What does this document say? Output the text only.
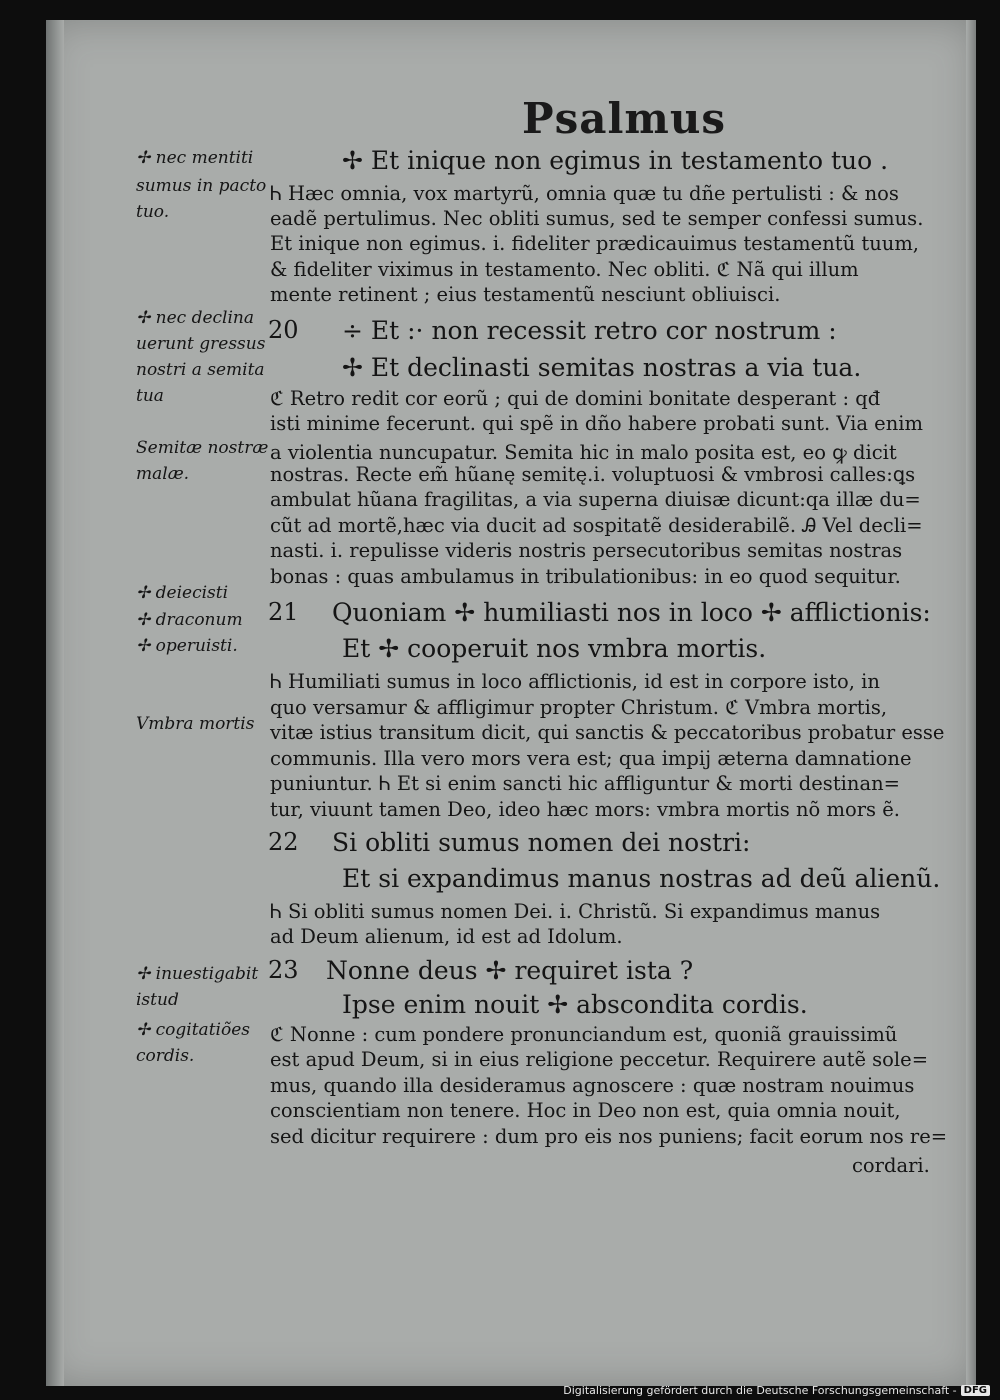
Psalmus
✢ nec mentiti
sumus in pacto
tuo.
✢ nec declina
uerunt gressus
nostri a semita
tua
Semitæ nostræ
malæ.
✢ deiecisti
✢ draconum
✢ operuisti.
Vmbra mortis
✢ inuestigabit
istud
✢ cogitatiões
cordis.
20
21
22
23
✢ Et inique non egimus in testamento tuo .
Ꮒ Hæc omnia, vox martyrũ, omnia quæ tu dñe pertulisti : & nos
eadẽ pertulimus. Nec obliti sumus, sed te semper confessi sumus.
Et inique non egimus. i. fideliter prædicauimus testamentũ tuum,
& fideliter viximus in testamento. Nec obliti. ℭ Nã qui illum
mente retinent ; eius testamentũ nesciunt obliuisci.
÷ Et :· non recessit retro cor nostrum :
✢ Et declinasti semitas nostras a via tua.
ℭ Retro redit cor eorũ ; qui de domini bonitate desperant : qđ
isti minime fecerunt. qui spẽ in dño habere probati sunt. Via enim
a violentia nuncupatur. Semita hic in malo posita est, eo ꝙ dicit
nostras. Recte em̃ hũanę semitę.i. voluptuosi & vmbrosi calles:ꝗs
ambulat hũana fragilitas, a via superna diuisæ dicunt:qa illæ du=
cũt ad mortẽ,hæc via ducit ad sospitatẽ desiderabilẽ. Ꭿ Vel decli=
nasti. i. repulisse videris nostris persecutoribus semitas nostras
bonas : quas ambulamus in tribulationibus: in eo quod sequitur.
Quoniam ✢ humiliasti nos in loco ✢ afflictionis:
Et ✢ cooperuit nos vmbra mortis.
Ꮒ Humiliati sumus in loco afflictionis, id est in corpore isto, in
quo versamur & affligimur propter Christum. ℭ Vmbra mortis,
vitæ istius transitum dicit, qui sanctis & peccatoribus probatur esse
communis. Illa vero mors vera est; qua impij æterna damnatione
puniuntur. Ꮒ Et si enim sancti hic affliguntur & morti destinan=
tur, viuunt tamen Deo, ideo hæc mors: vmbra mortis nõ mors ẽ.
Si obliti sumus nomen dei nostri:
Et si expandimus manus nostras ad deũ alienũ.
Ꮒ Si obliti sumus nomen Dei. i. Christũ. Si expandimus manus
ad Deum alienum, id est ad Idolum.
Nonne deus ✢ requiret ista ?
Ipse enim nouit ✢ abscondita cordis.
ℭ Nonne : cum pondere pronunciandum est, quoniã grauissimũ
est apud Deum, si in eius religione peccetur. Requirere autẽ sole=
mus, quando illa desideramus agnoscere : quæ nostram nouimus
conscientiam non tenere. Hoc in Deo non est, quia omnia nouit,
sed dicitur requirere : dum pro eis nos puniens; facit eorum nos re=
cordari.
Digitalisierung gefördert durch die Deutsche Forschungsgemeinschaft - DFG
